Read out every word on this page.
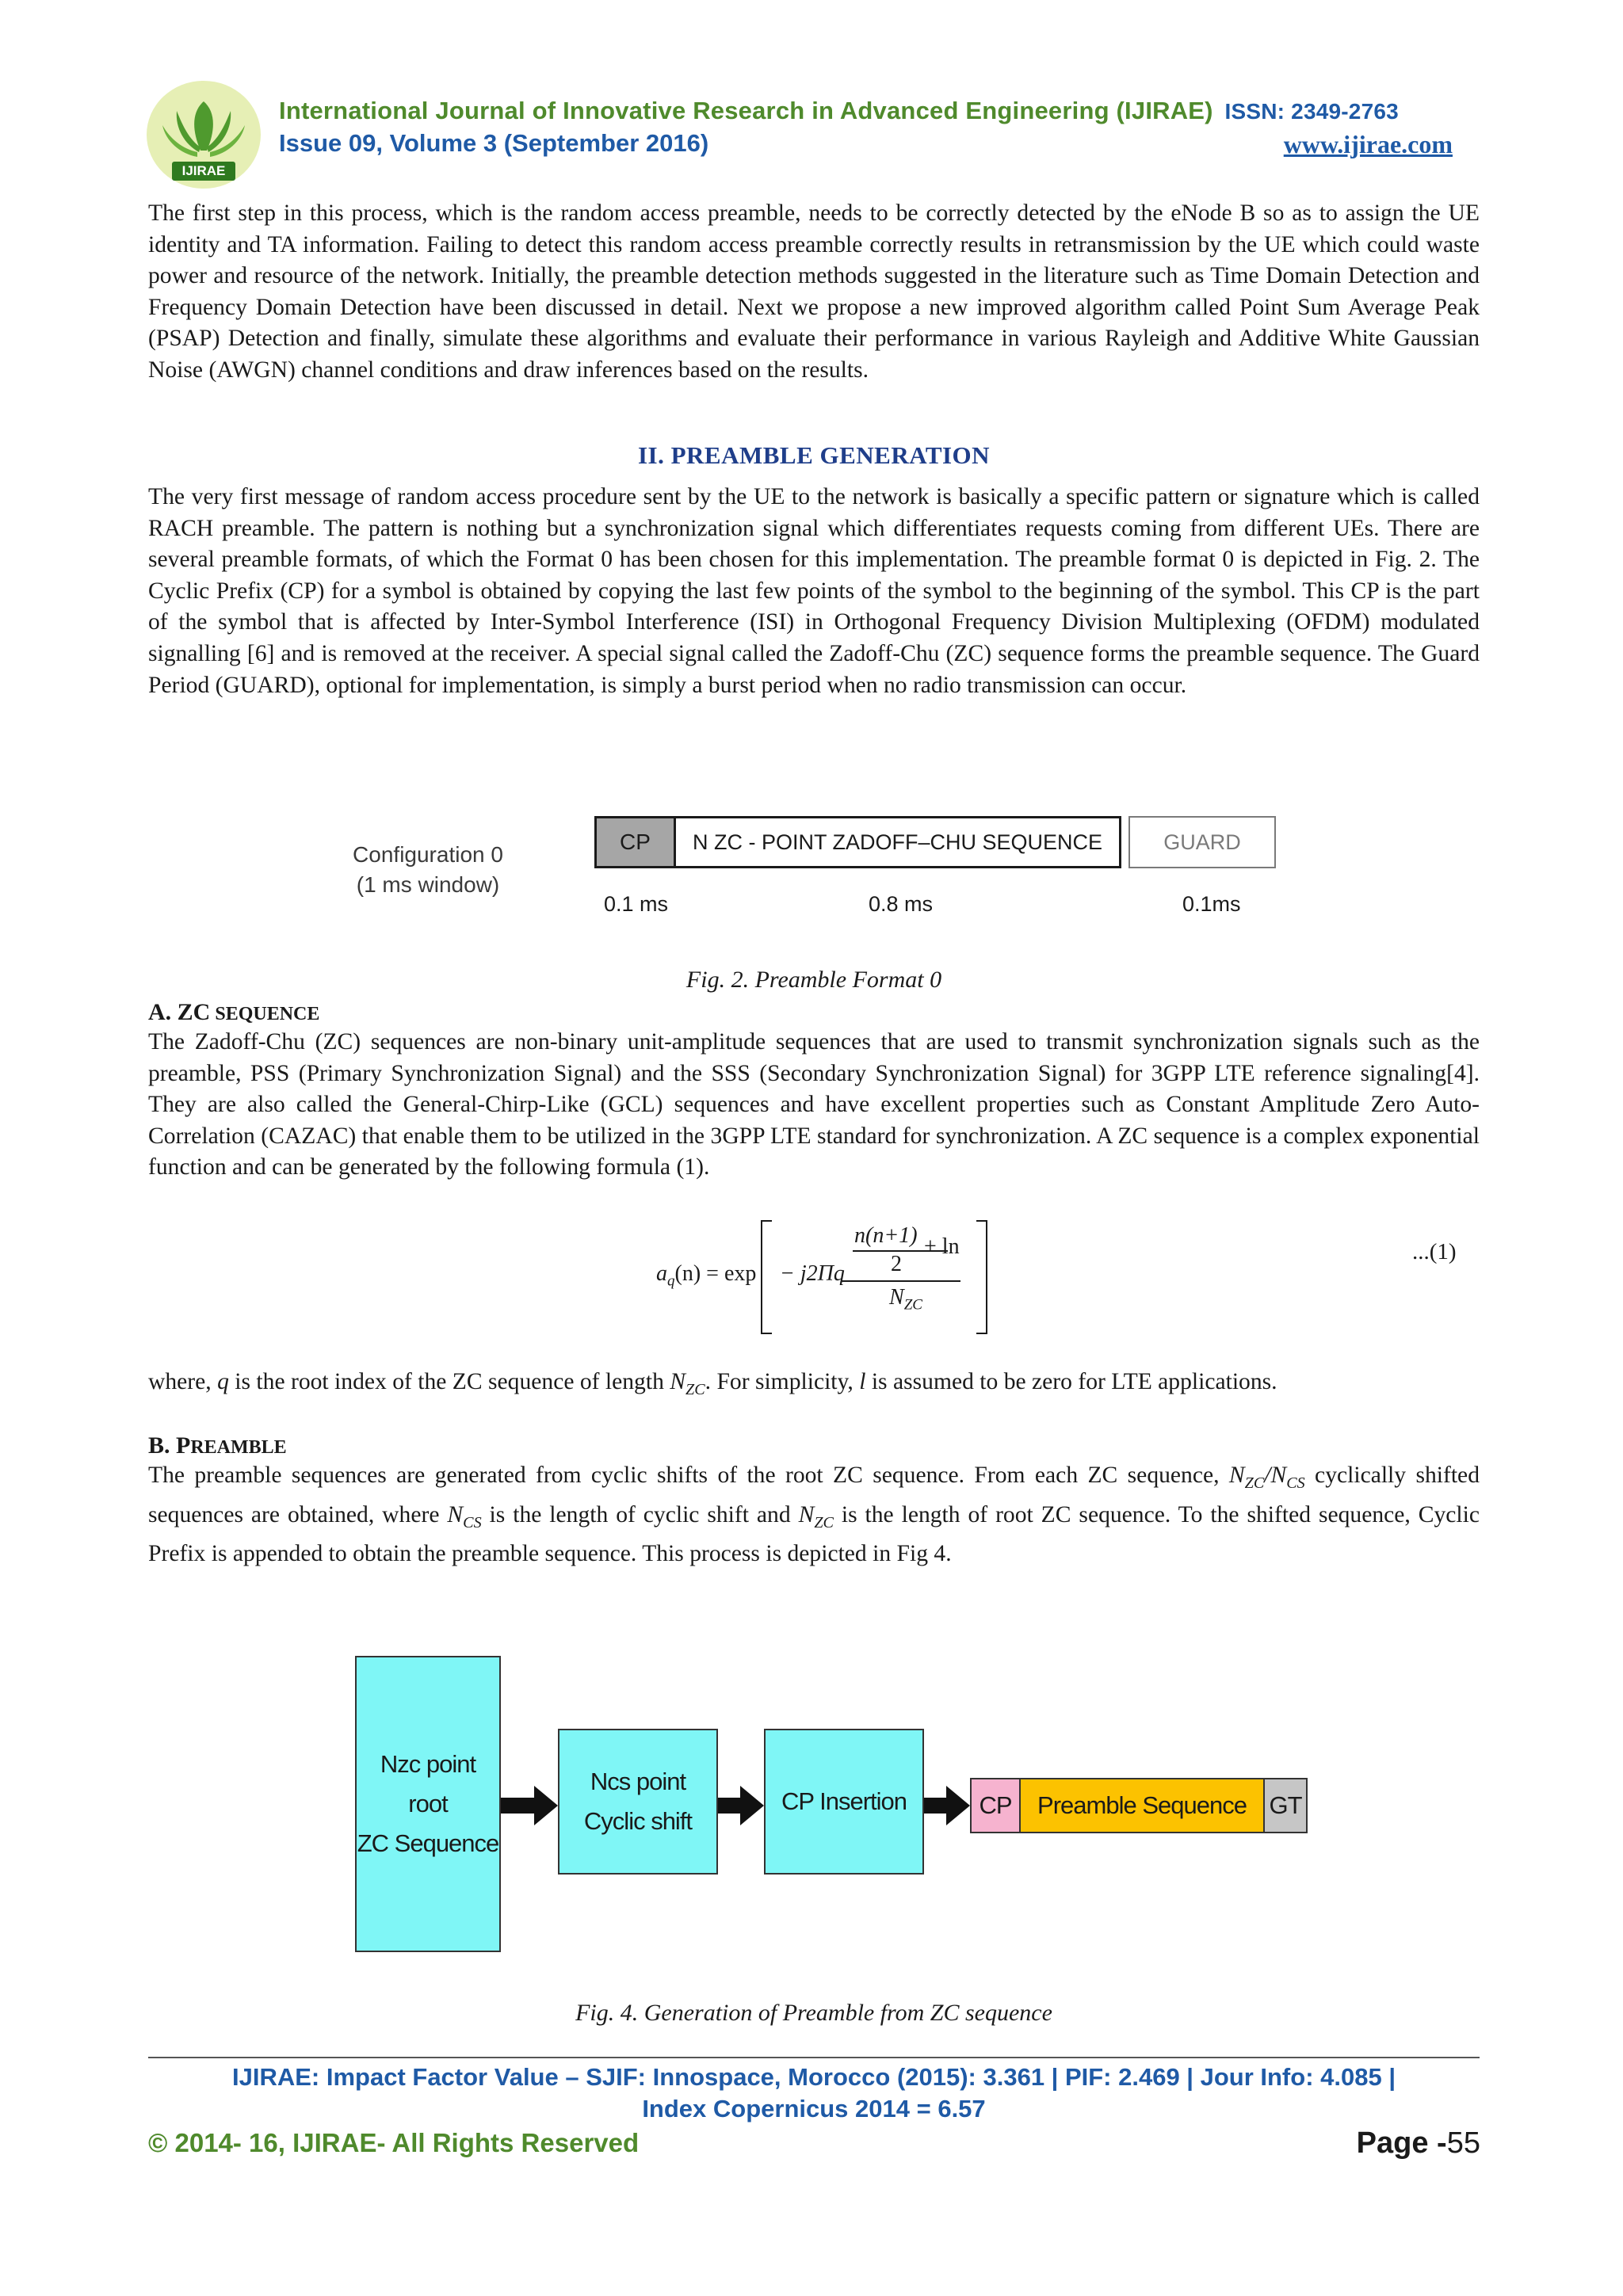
IJIRAE
International Journal of Innovative Research in Advanced Engineering (IJIRAE) ISSN: 2349-2763
Issue 09, Volume 3 (September 2016)	www.ijirae.com

The first step in this process, which is the random access preamble, needs to be correctly detected by the eNode B so as to assign the UE identity and TA information. Failing to detect this random access preamble correctly results in retransmission by the UE which could waste power and resource of the network. Initially, the preamble detection methods suggested in the literature such as Time Domain Detection and Frequency Domain Detection have been discussed in detail. Next we propose a new improved algorithm called Point Sum Average Peak (PSAP) Detection and finally, simulate these algorithms and evaluate their performance in various Rayleigh and Additive White Gaussian Noise (AWGN) channel conditions and draw inferences based on the results.

II. PREAMBLE GENERATION

The very first message of random access procedure sent by the UE to the network is basically a specific pattern or signature which is called RACH preamble. The pattern is nothing but a synchronization signal which differentiates requests coming from different UEs. There are several preamble formats, of which the Format 0 has been chosen for this implementation. The preamble format 0 is depicted in Fig. 2. The Cyclic Prefix (CP) for a symbol is obtained by copying the last few points of the symbol to the beginning of the symbol. This CP is the part of the symbol that is affected by Inter-Symbol Interference (ISI) in Orthogonal Frequency Division Multiplexing (OFDM) modulated signalling [6] and is removed at the receiver. A special signal called the Zadoff-Chu (ZC) sequence forms the preamble sequence. The Guard Period (GUARD), optional for implementation, is simply a burst period when no radio transmission can occur.

Configuration 0
(1 ms window)
CP N ZC - POINT ZADOFF–CHU SEQUENCE	GUARD
0.1 ms	0.8 ms	0.1ms
Fig. 2. Preamble Format 0
A. ZC SEQUENCE

The Zadoff-Chu (ZC) sequences are non-binary unit-amplitude sequences that are used to transmit synchronization signals such as the preamble, PSS (Primary Synchronization Signal) and the SSS (Secondary Synchronization Signal) for 3GPP LTE reference signaling[4]. They are also called the General-Chirp-Like (GCL) sequences and have excellent properties such as Constant Amplitude Zero Auto-Correlation (CAZAC) that enable them to be utilized in the 3GPP LTE standard for synchronization. A ZC sequence is a complex exponential function and can be generated by the following formula (1).

$a_q(n) = \exp - j2\Pi q$
n(n+1)
2
+ ln
$N_{ZC}$
...(1)

where, q is the root index of the ZC sequence of length $N_{ZC}$. For simplicity, l is assumed to be zero for LTE applications.

B. PREAMBLE

The preamble sequences are generated from cyclic shifts of the root ZC sequence. From each ZC sequence, $N_{ZC}/N_{CS}$ cyclically shifted sequences are obtained, where $N_{CS}$ is the length of cyclic shift and $N_{ZC}$ is the length of root ZC sequence. To the shifted sequence, Cyclic Prefix is appended to obtain the preamble sequence. This process is depicted in Fig 4.

Nzc point
root
ZC Sequence
Ncs point
Cyclic shift
CP Insertion	CP Preamble Sequence GT
Fig. 4. Generation of Preamble from ZC sequence
IJIRAE: Impact Factor Value – SJIF: Innospace, Morocco (2015): 3.361 | PIF: 2.469 | Jour Info: 4.085 |
Index Copernicus 2014 = 6.57
© 2014- 16, IJIRAE- All Rights Reserved	Page -55
